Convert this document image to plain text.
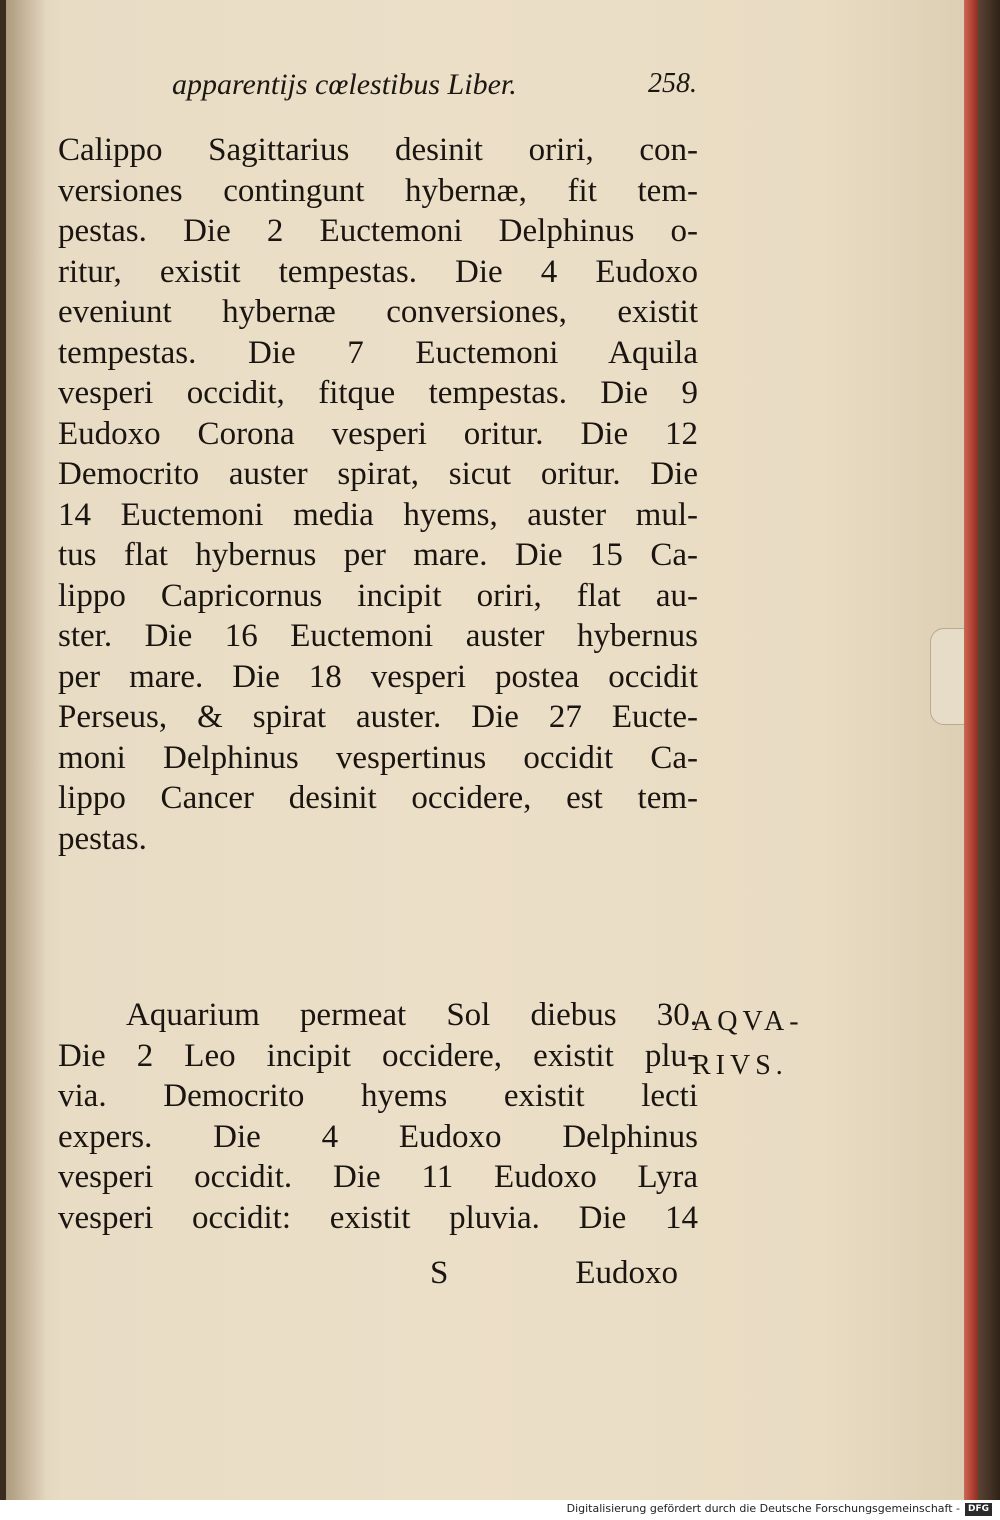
apparentijs cœlestibus Liber.	258.
Calippo Sagittarius desinit oriri, con-
versiones contingunt hybernæ, fit tem-
pestas. Die 2 Euctemoni Delphinus o-
ritur, existit tempestas. Die 4 Eudoxo
eveniunt hybernæ conversiones, existit
tempestas. Die 7 Euctemoni Aquila
vesperi occidit, fitque tempestas. Die 9
Eudoxo Corona vesperi oritur. Die 12
Democrito auster spirat, sicut oritur. Die
14 Euctemoni media hyems, auster mul-
tus flat hybernus per mare. Die 15 Ca-
lippo Capricornus incipit oriri, flat au-
ster. Die 16 Euctemoni auster hybernus
per mare. Die 18 vesperi postea occidit
Perseus, & spirat auster. Die 27 Eucte-
moni Delphinus vespertinus occidit Ca-
lippo Cancer desinit occidere, est tem-
pestas.
Aquarium permeat Sol diebus 30.
Die 2 Leo incipit occidere, existit plu-
via. Democrito hyems existit lecti
expers. Die 4 Eudoxo Delphinus
vesperi occidit. Die 11 Eudoxo Lyra
vesperi occidit: existit pluvia. Die 14
S	Eudoxo
AQVA-
RIVS.
Digitalisierung gefördert durch die Deutsche Forschungsgemeinschaft - DFG
